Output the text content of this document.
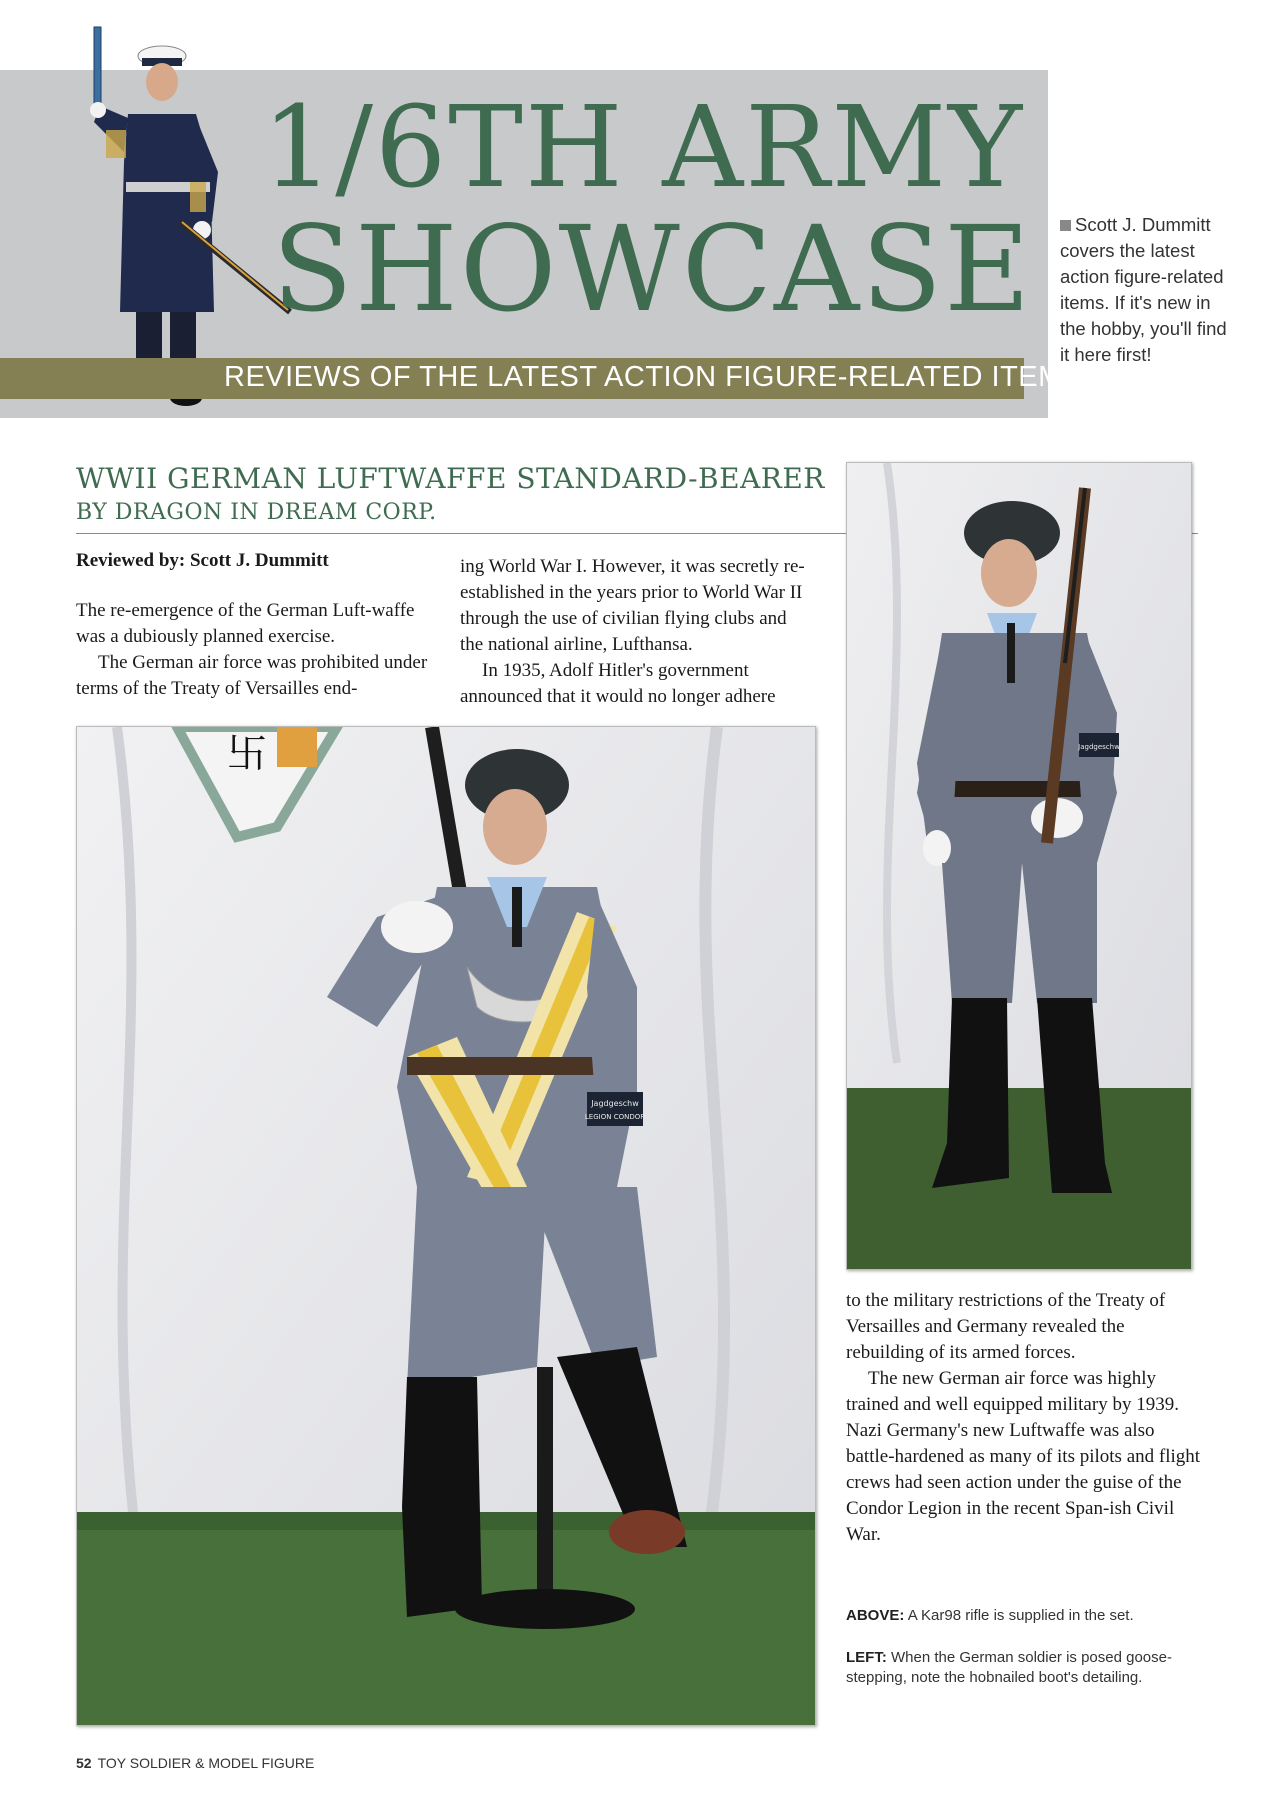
1/6TH ARMY
SHOWCASE
REVIEWS OF THE LATEST ACTION FIGURE-RELATED ITEMS
Scott J. Dummitt covers the latest action figure-related items. If it's new in the hobby, you'll find it here first!
WWII GERMAN LUFTWAFFE STANDARD-BEARER
BY DRAGON IN DREAM CORP.
Reviewed by: Scott J. Dummitt

The re-emergence of the German Luft-waffe was a dubiously planned exercise.

The German air force was prohibited under terms of the Treaty of Versailles end-

ing World War I. However, it was secretly re-established in the years prior to World War II through the use of civilian flying clubs and the national airline, Lufthansa.

In 1935, Adolf Hitler's government announced that it would no longer adhere

卐
Jagdgeschw
LEGION CONDOR
Jagdgeschw

to the military restrictions of the Treaty of Versailles and Germany revealed the rebuilding of its armed forces.

The new German air force was highly trained and well equipped military by 1939. Nazi Germany's new Luftwaffe was also battle-hardened as many of its pilots and flight crews had seen action under the guise of the Condor Legion in the recent Span-ish Civil War.

ABOVE: A Kar98 rifle is supplied in the set.
LEFT: When the German soldier is posed goose-stepping, note the hobnailed boot's detailing.
52 TOY SOLDIER & MODEL FIGURE
